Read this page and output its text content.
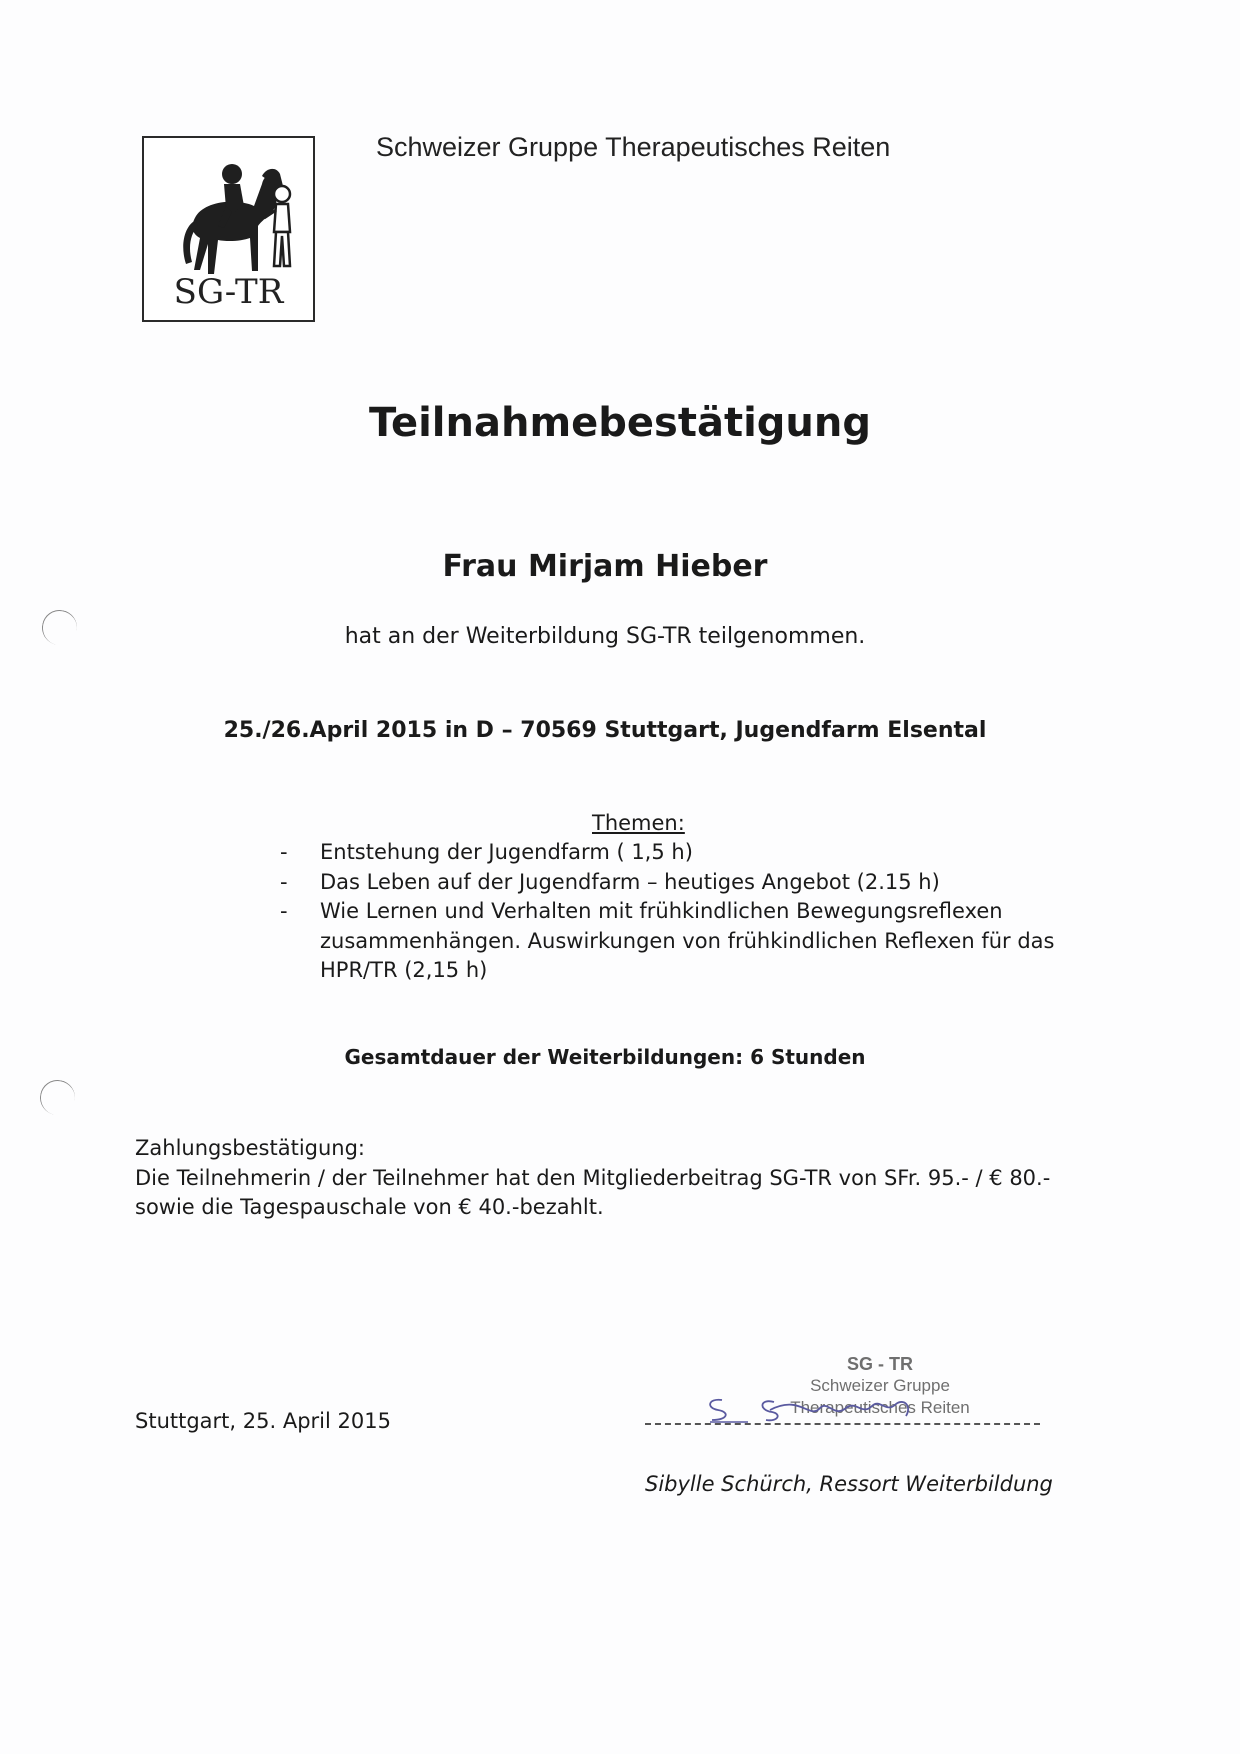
SG-TR
Schweizer Gruppe Therapeutisches Reiten
Teilnahmebestätigung
Frau Mirjam Hieber
hat an der Weiterbildung SG-TR teilgenommen.
25./26.April 2015 in D – 70569 Stuttgart, Jugendfarm Elsental
Themen:
- Entstehung der Jugendfarm ( 1,5 h)
- Das Leben auf der Jugendfarm – heutiges Angebot (2.15 h)
- Wie Lernen und Verhalten mit frühkindlichen Bewegungsreflexen zusammenhängen. Auswirkungen von frühkindlichen Reflexen für das HPR/TR (2,15 h)
Gesamtdauer der Weiterbildungen: 6 Stunden
Zahlungsbestätigung:
Die Teilnehmerin / der Teilnehmer hat den Mitgliederbeitrag SG-TR von SFr. 95.- / € 80.-
sowie die Tagespauschale von € 40.-bezahlt.
Stuttgart, 25. April 2015
SG - TR
Schweizer Gruppe
Therapeutisches Reiten
Sibylle Schürch, Ressort Weiterbildung
